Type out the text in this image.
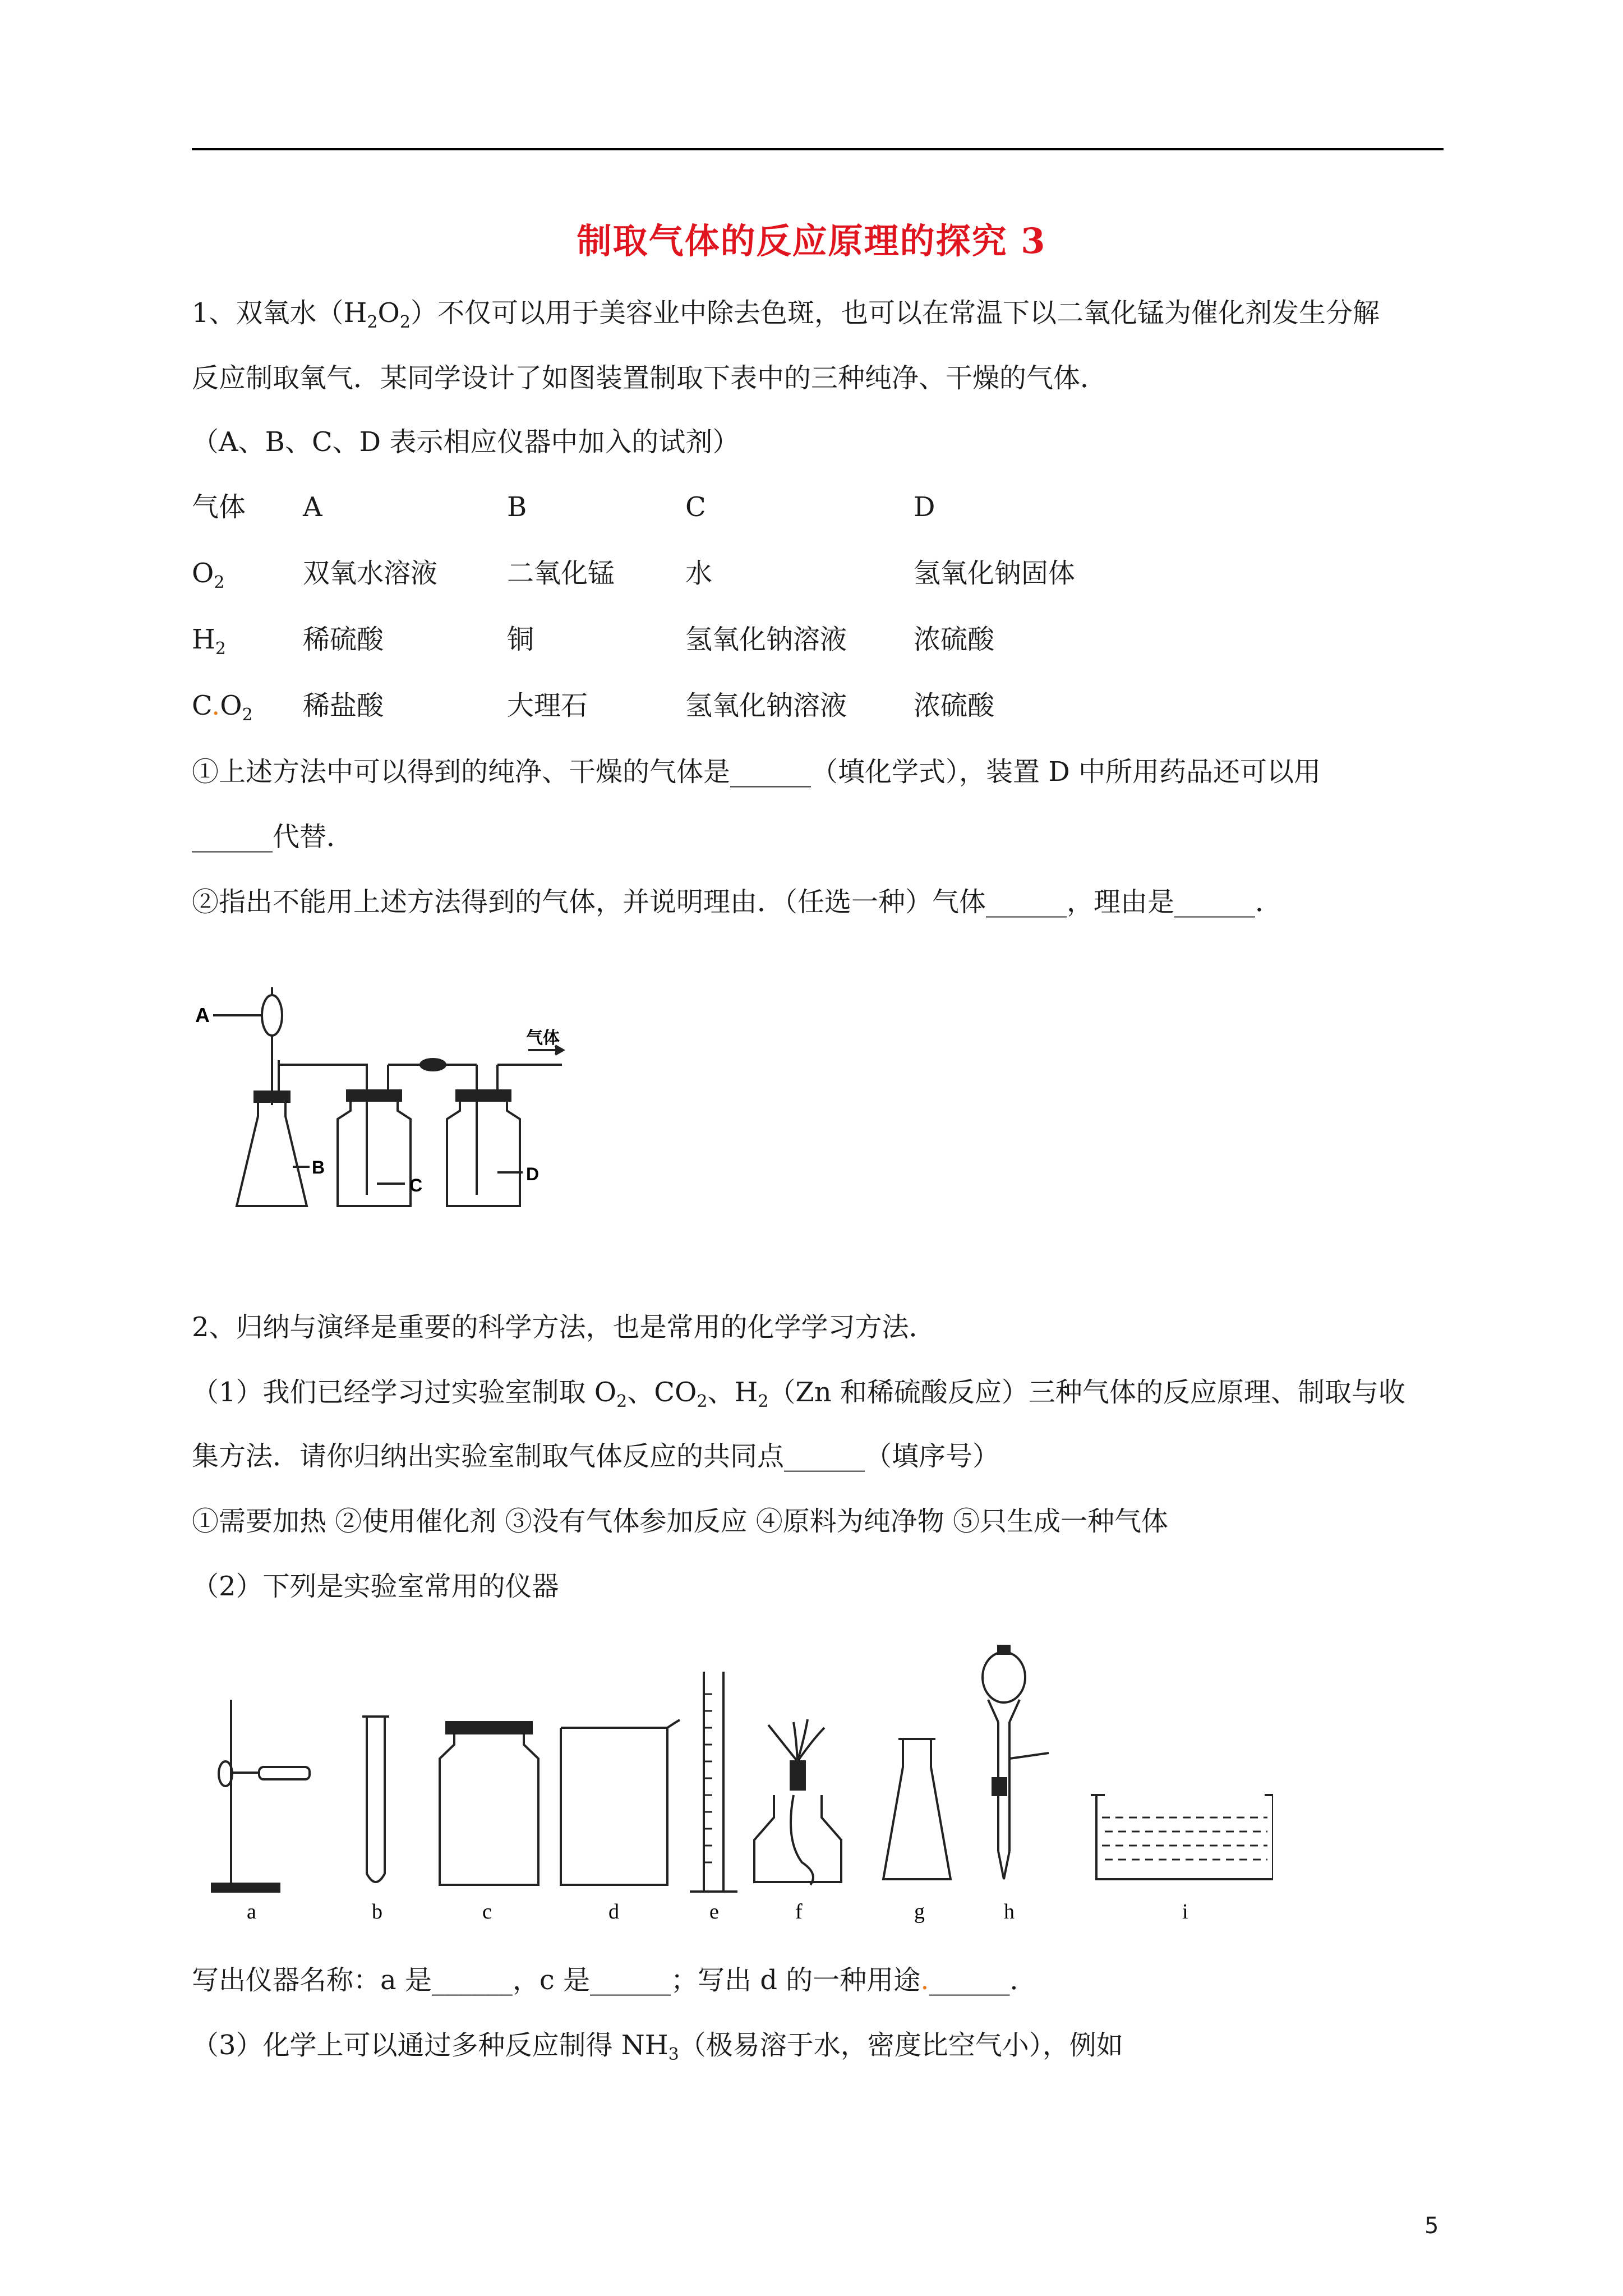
制取气体的反应原理的探究 3
1、双氧水$(H_2O_2)$不仅可以用于美容业中除去色斑，也可以在常温下以二氧化锰为催化剂发生分解
反应制取氧气．某同学设计了如图装置制取下表中的三种纯净、干燥的气体．
（A、B、C、D 表示相应仪器中加入的试剂）
气体 A	B	C	D
$O_2$	双氧水溶液	二氧化锰	水	氢氧化钠固体
$H_2$	稀硫酸	铜	氢氧化钠溶液 浓硫酸
$C.O_2$ 稀盐酸	大理石	氢氧化钠溶液 浓硫酸
①上述方法中可以得到的纯净、干燥的气体是______（填化学式），装置 D 中所用药品还可以用
______代替．
②指出不能用上述方法得到的气体，并说明理由．（任选一种）气体______，理由是______．
A
B
C
D
气体
2、归纳与演绎是重要的科学方法，也是常用的化学学习方法．
（1）我们已经学习过实验室制取 $O_2$、$CO_2$、$H_2(Zn$ 和稀硫酸反应）三种气体的反应原理、制取与收
集方法．请你归纳出实验室制取气体反应的共同点______（填序号）
①需要加热 ②使用催化剂 ③没有气体参加反应 ④原料为纯净物 ⑤只生成一种气体
（2）下列是实验室常用的仪器
a	b	c	d	e	f	g	h	i
写出仪器名称：a 是______，c 是______；写出 d 的一种用途.______．
（3）化学上可以通过多种反应制得 $NH_3$（极易溶于水，密度比空气小），例如
5
